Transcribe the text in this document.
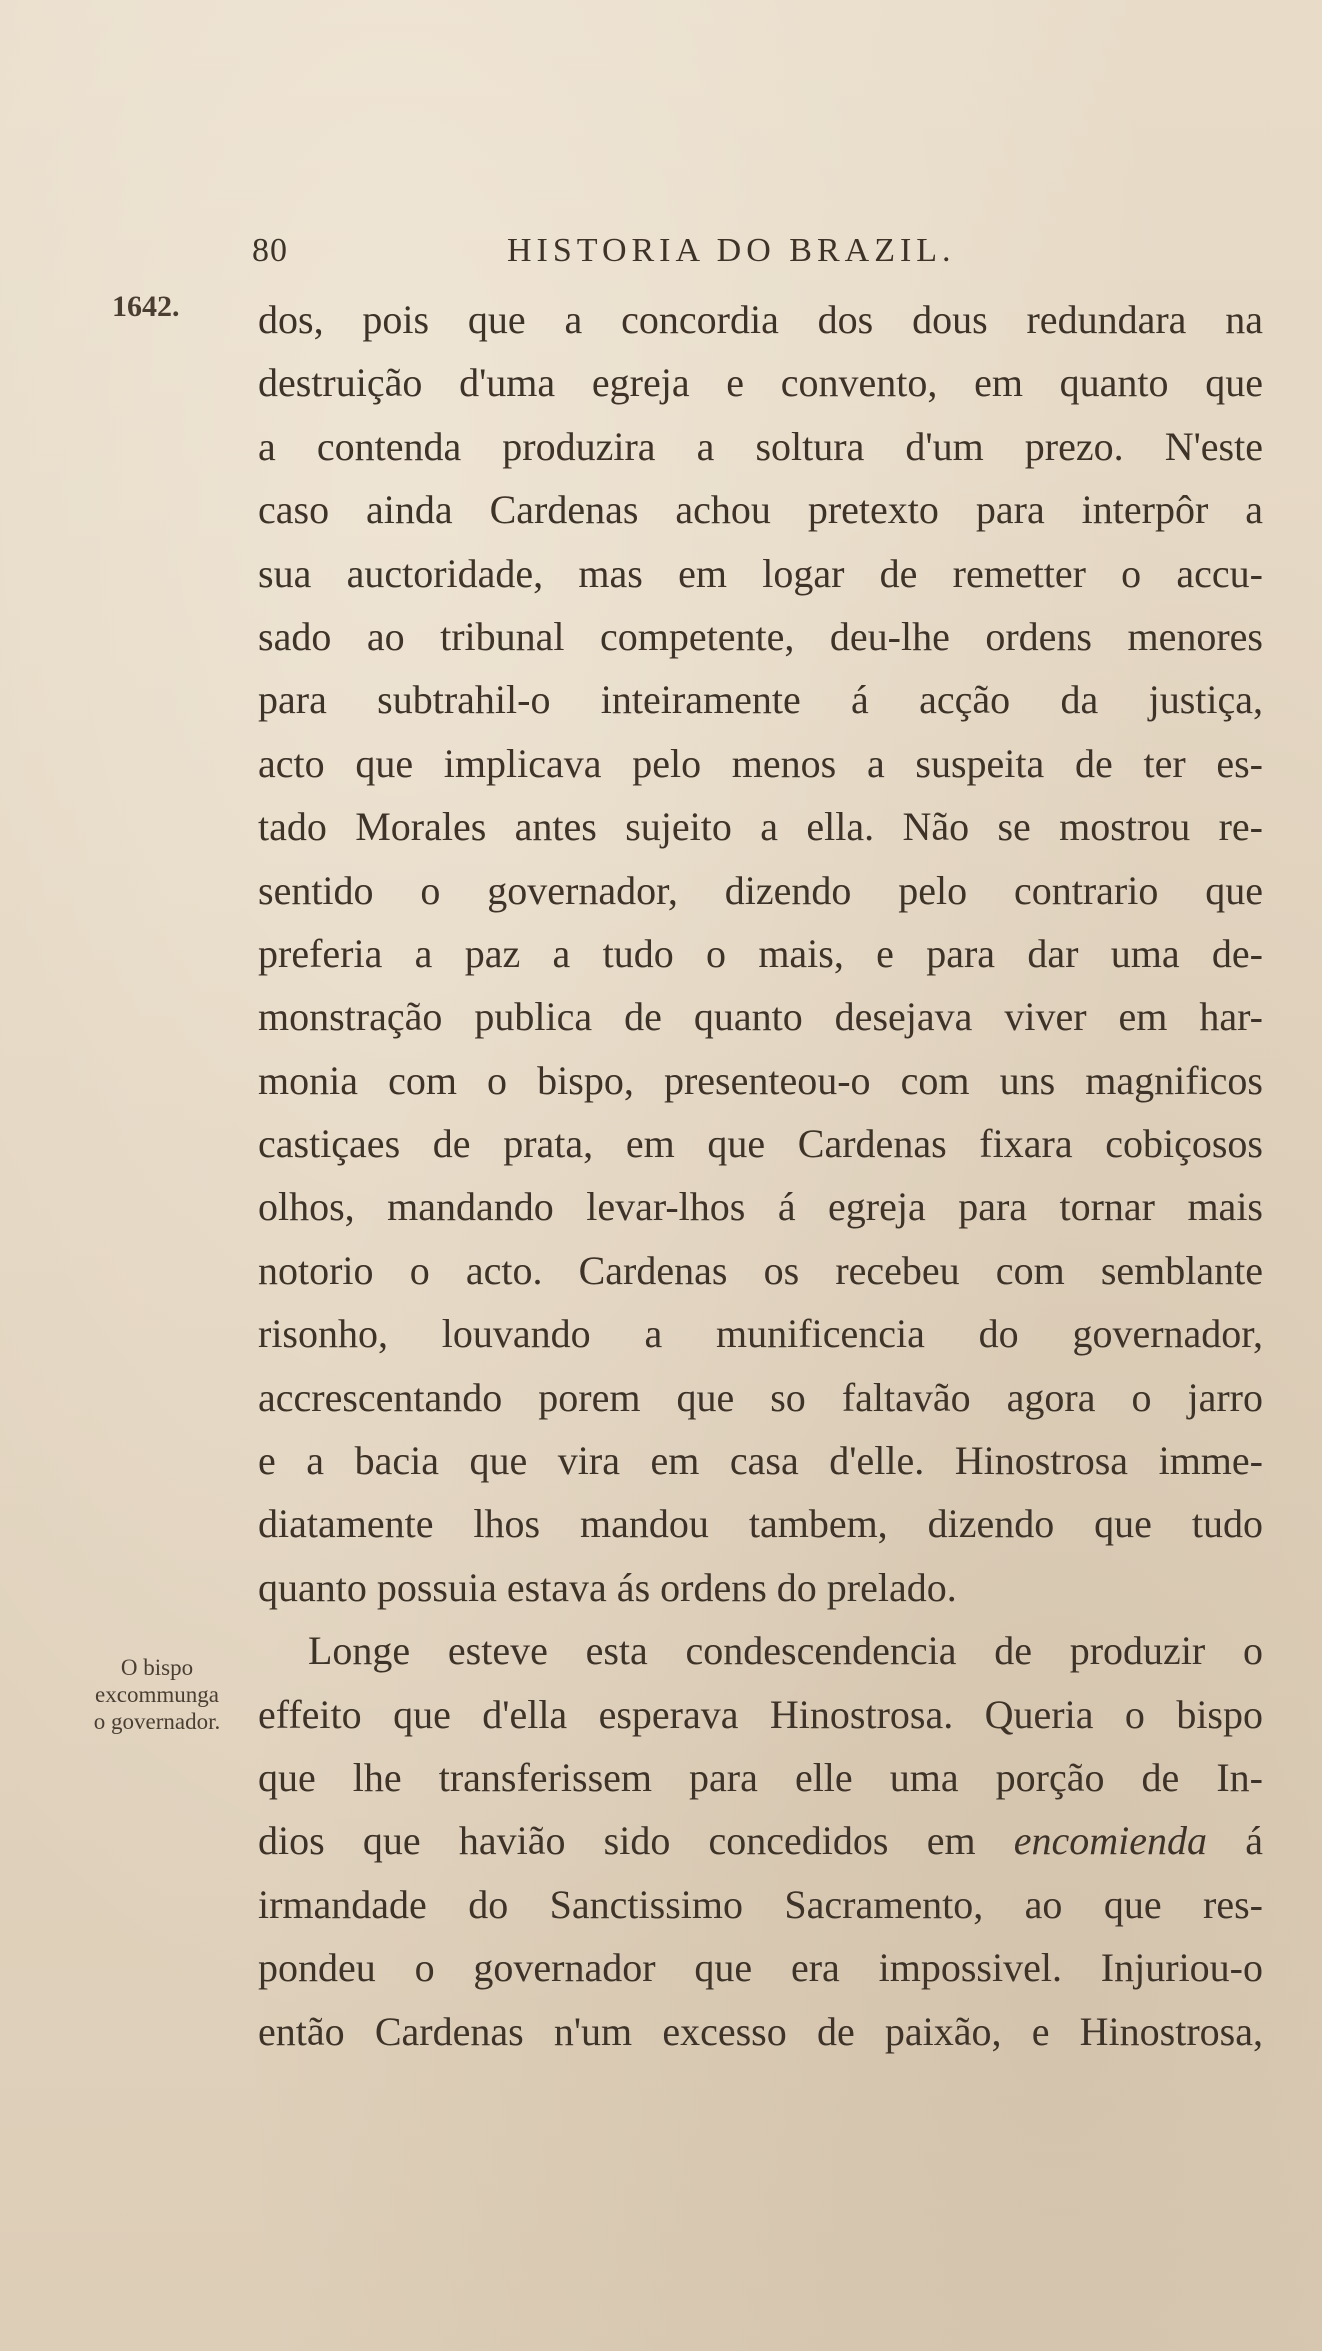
80	HISTORIA DO BRAZIL.
1642.
O bispo
excommunga
o governador.
dos, pois que a concordia dos dous redundara na
destruição d'uma egreja e convento, em quanto que
a contenda produzira a soltura d'um prezo. N'este
caso ainda Cardenas achou pretexto para interpôr a
sua auctoridade, mas em logar de remetter o accu-
sado ao tribunal competente, deu-lhe ordens menores
para subtrahil-o inteiramente á acção da justiça,
acto que implicava pelo menos a suspeita de ter es-
tado Morales antes sujeito a ella. Não se mostrou re-
sentido o governador, dizendo pelo contrario que
preferia a paz a tudo o mais, e para dar uma de-
monstração publica de quanto desejava viver em har-
monia com o bispo, presenteou-o com uns magnificos
castiçaes de prata, em que Cardenas fixara cobiçosos
olhos, mandando levar-lhos á egreja para tornar mais
notorio o acto. Cardenas os recebeu com semblante
risonho, louvando a munificencia do governador,
accrescentando porem que so faltavão agora o jarro
e a bacia que vira em casa d'elle. Hinostrosa imme-
diatamente lhos mandou tambem, dizendo que tudo
quanto possuia estava ás ordens do prelado.
Longe esteve esta condescendencia de produzir o
effeito que d'ella esperava Hinostrosa. Queria o bispo
que lhe transferissem para elle uma porção de In-
dios que havião sido concedidos em encomienda á
irmandade do Sanctissimo Sacramento, ao que res-
pondeu o governador que era impossivel. Injuriou-o
então Cardenas n'um excesso de paixão, e Hinostrosa,
